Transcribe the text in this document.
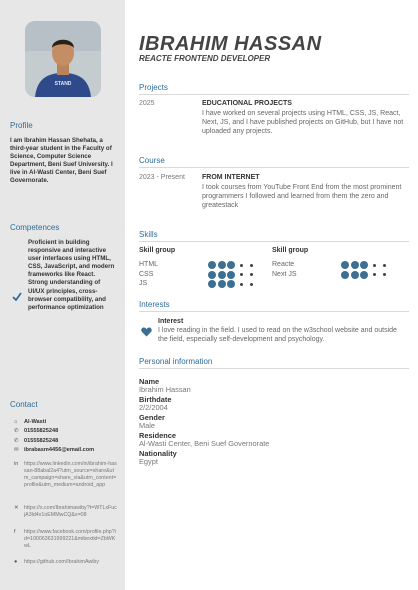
STAND
Profile
I am Ibrahim Hassan Shehata, a third-year student in the Faculty of Science, Computer Science Department, Beni Suef University. I live in Al-Wasti Center, Beni Suef Governorate.
Competences
Proficient in building responsive and interactive user interfaces using HTML, CSS, JavaScript, and modern frameworks like React.
Strong understanding of UI/UX principles, cross-browser compatibility, and performance optimization
Contact
⌂	Al-Wasti
✆ 01555825248
✆ 01555825248
✉ ibrabasm4456@email.com
in	https://www.linkedin.com/in/ibrahim-hassan-88abal2a4?utm_source=share&utm_campaign=share_via&utm_content=profile&utm_medium=android_app
✕	https://x.com/Ibrahimawiby?t=WTLxFucjA3ld4x1oEMMwCQ&s=08
f	https://www.facebook.com/profile.php?id=100063631999221&mibextid=ZbWKwL
●	https://github.com/IbrahimAwiby
IBRAHIM HASSAN
REACTE FRONTEND DEVELOPER
Projects
2025	EDUCATIONAL PROJECTS
I have worked on several projects using HTML, CSS, JS, React, Next, JS, and I have published projects on GitHub, but I have not uploaded any projects.
Course
2023 - Present FROM INTERNET
I took courses from YouTube Front End from the most prominent programmers I followed and learned from them the zero and greatestack
Skills
Skill group
HTML
CSS
JS
Skill group
Reacte
Next JS
Interests
Interest
I love reading in the field. I used to read on the w3school website and outside the field, especially self-development and psychology.
Personal information
Name
Ibrahim Hassan
Birthdate
2/2/2004
Gender
Male
Residence
Al-Wasti Center, Beni Suef Governorate
Nationality
Egypt
